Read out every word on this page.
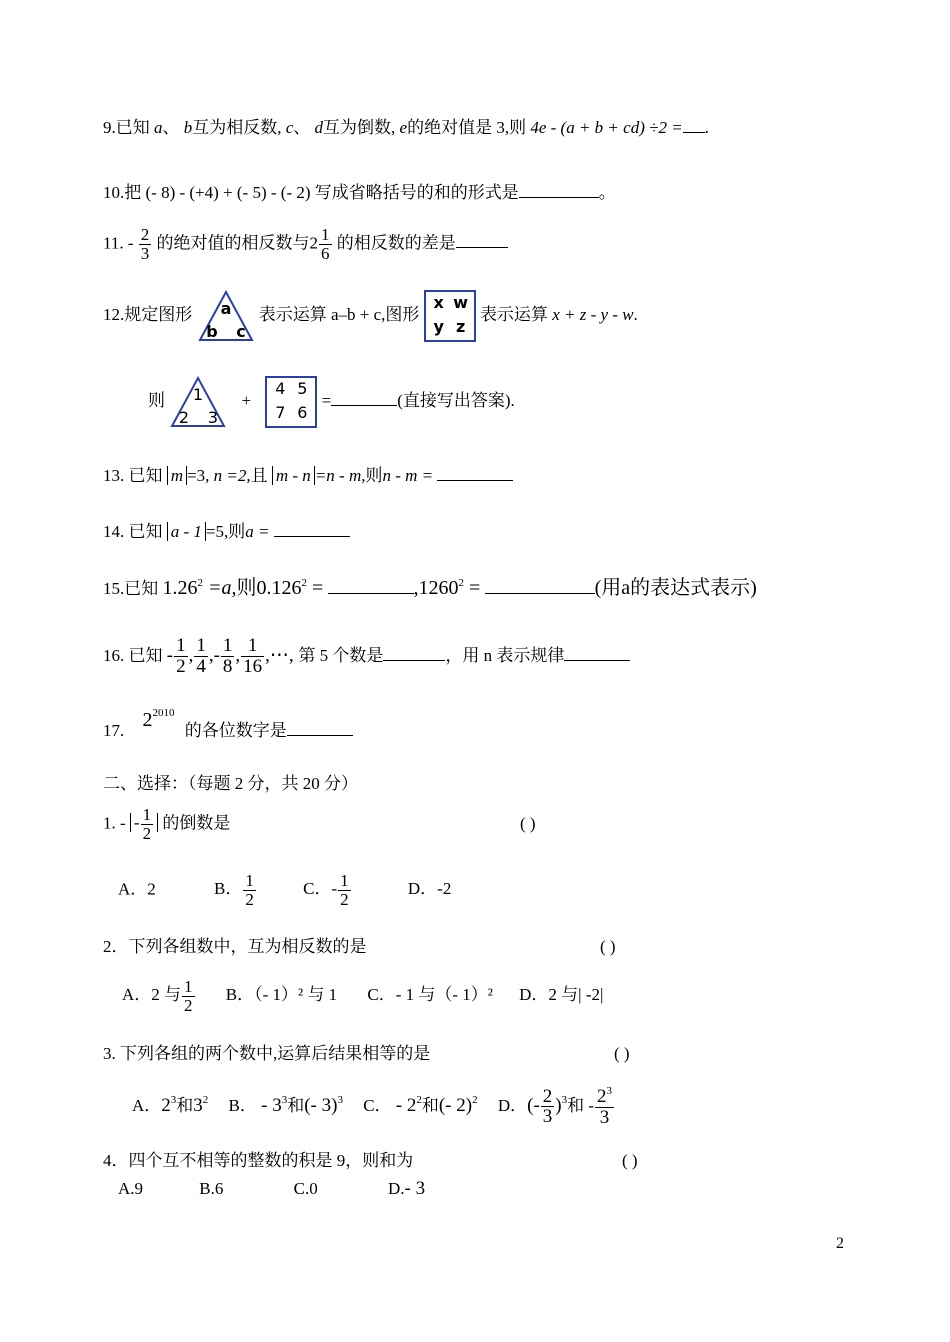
9.已知 a、 b互为相反数, c、 d互为倒数, e的绝对值是 3,则 4e - (a + b + cd) ÷2 = .
10.把 (- 8) - (+4) + (- 5) - (- 2) 写成省略括号的和的形式是	。
11. - $\frac{2}{3}$ 的绝对值的相反数与$2 \frac{1}{6}$ 的相反数的差是
12.规定图形 a
b c
表示运算 a–b + c,图形
x w
y z
表示运算 x + z - y - w.
则 1
2 3
+
4 5
7 6
=	(直接写出答案).
13. 已知 m =3, n =2,且 m - n =n - m,则n - m =
14. 已知 a - 1 =5,则a =
15.已知 $1.26^2 =a$,则$0.126^2$ =	$,1260^2$ =	(用a的表达式表示)
16. 已知 - $\frac{1}{2}$ , $\frac{1}{4}$ ,- $\frac{1}{8}$ , $\frac{1}{16}$ ,⋯, 第 5 个数是	，用 n 表示规律
17. $2^{2010}$ 的各位数字是
二、选择：（每题 2 分，共 20 分）
1. - - $\frac{1}{2}$ 的倒数是	( )
A．2	B． $\frac{1}{2}$	C．- $\frac{1}{2}$	D．-2
2．下列各组数中，互为相反数的是	( )
A．2 与 $\frac{1}{2}$ B．（- 1）² 与 1 C．- 1 与（- 1）² D．2 与| -2|
3. 下列各组的两个数中,运算后结果相等的是	( )
A．$2^3$和$3^2$ B． - $3^3$和(- 3)$^3$ C． - $2^2$和(- 2)$^2$ D．(- $\frac{2}{3} )^3$和 - $\frac{2^3}{3}$
4．四个互不相等的整数的积是 9，则和为	( )
A.9	B.6	C.0	D.- 3
2
